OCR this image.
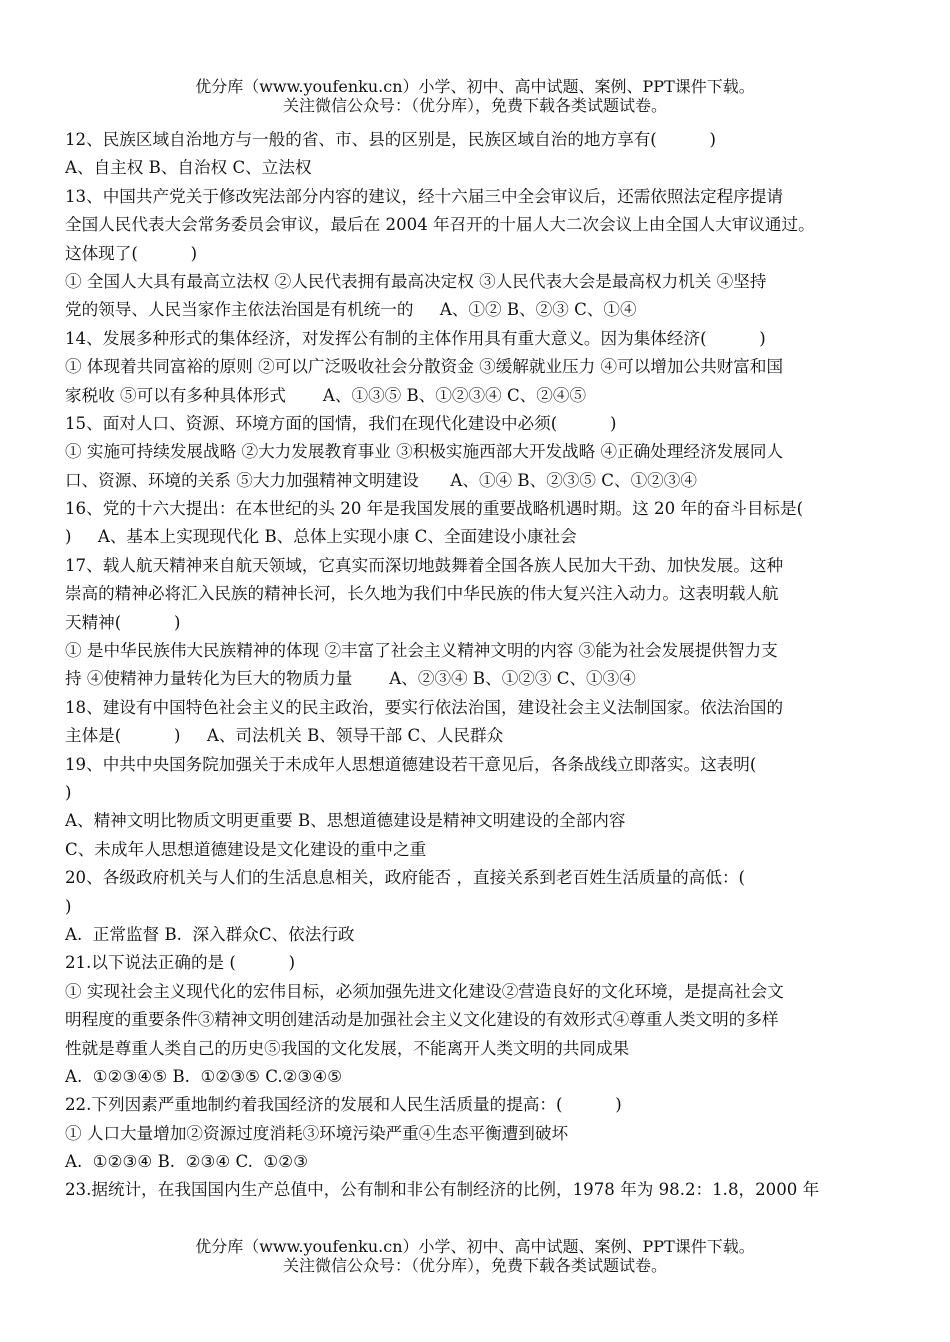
优分库（www.youfenku.cn）小学、初中、高中试题、案例、PPT课件下载。
关注微信公众号：（优分库），免费下载各类试题试卷。
12、民族区域自治地方与一般的省、市、县的区别是，民族区域自治的地方享有(          )
A、自主权 B、自治权 C、立法权
13、中国共产党关于修改宪法部分内容的建议，经十六届三中全会审议后，还需依照法定程序提请
全国人民代表大会常务委员会审议，最后在 2004 年召开的十届人大二次会议上由全国人大审议通过。
这体现了(          )
① 全国人大具有最高立法权 ②人民代表拥有最高决定权 ③人民代表大会是最高权力机关 ④坚持
党的领导、人民当家作主依法治国是有机统一的     A、①② B、②③ C、①④
14、发展多种形式的集体经济，对发挥公有制的主体作用具有重大意义。因为集体经济(          )
① 体现着共同富裕的原则 ②可以广泛吸收社会分散资金 ③缓解就业压力 ④可以增加公共财富和国
家税收 ⑤可以有多种具体形式       A、①③⑤ B、①②③④ C、②④⑤
15、面对人口、资源、环境方面的国情，我们在现代化建设中必须(          )
① 实施可持续发展战略 ②大力发展教育事业 ③积极实施西部大开发战略 ④正确处理经济发展同人
口、资源、环境的关系 ⑤大力加强精神文明建设      A、①④ B、②③⑤ C、①②③④
16、党的十六大提出：在本世纪的头 20 年是我国发展的重要战略机遇时期。这 20 年的奋斗目标是(
)     A、基本上实现现代化 B、总体上实现小康 C、全面建设小康社会
17、载人航天精神来自航天领域，它真实而深切地鼓舞着全国各族人民加大干劲、加快发展。这种
崇高的精神必将汇入民族的精神长河，长久地为我们中华民族的伟大复兴注入动力。这表明载人航
天精神(          )
① 是中华民族伟大民族精神的体现 ②丰富了社会主义精神文明的内容 ③能为社会发展提供智力支
持 ④使精神力量转化为巨大的物质力量       A、②③④ B、①②③ C、①③④
18、建设有中国特色社会主义的民主政治，要实行依法治国，建设社会主义法制国家。依法治国的
主体是(          )     A、司法机关 B、领导干部 C、人民群众
19、中共中央国务院加强关于未成年人思想道德建设若干意见后，各条战线立即落实。这表明(
)
A、精神文明比物质文明更重要 B、思想道德建设是精神文明建设的全部内容
C、未成年人思想道德建设是文化建设的重中之重
20、各级政府机关与人们的生活息息相关，政府能否 ，直接关系到老百姓生活质量的高低：(
)
A.  正常监督 B.  深入群众C、依法行政
21.以下说法正确的是 (          )
① 实现社会主义现代化的宏伟目标，必须加强先进文化建设②营造良好的文化环境，是提高社会文
明程度的重要条件③精神文明创建活动是加强社会主义文化建设的有效形式④尊重人类文明的多样
性就是尊重人类自己的历史⑤我国的文化发展，不能离开人类文明的共同成果
A.  ①②③④⑤ B.  ①②③⑤ C.②③④⑤
22.下列因素严重地制约着我国经济的发展和人民生活质量的提高：(          )
① 人口大量增加②资源过度消耗③环境污染严重④生态平衡遭到破坏
A.  ①②③④ B.  ②③④ C.  ①②③
23.据统计，在我国国内生产总值中，公有制和非公有制经济的比例，1978 年为 98.2：1.8，2000 年
优分库（www.youfenku.cn）小学、初中、高中试题、案例、PPT课件下载。
关注微信公众号：（优分库），免费下载各类试题试卷。
